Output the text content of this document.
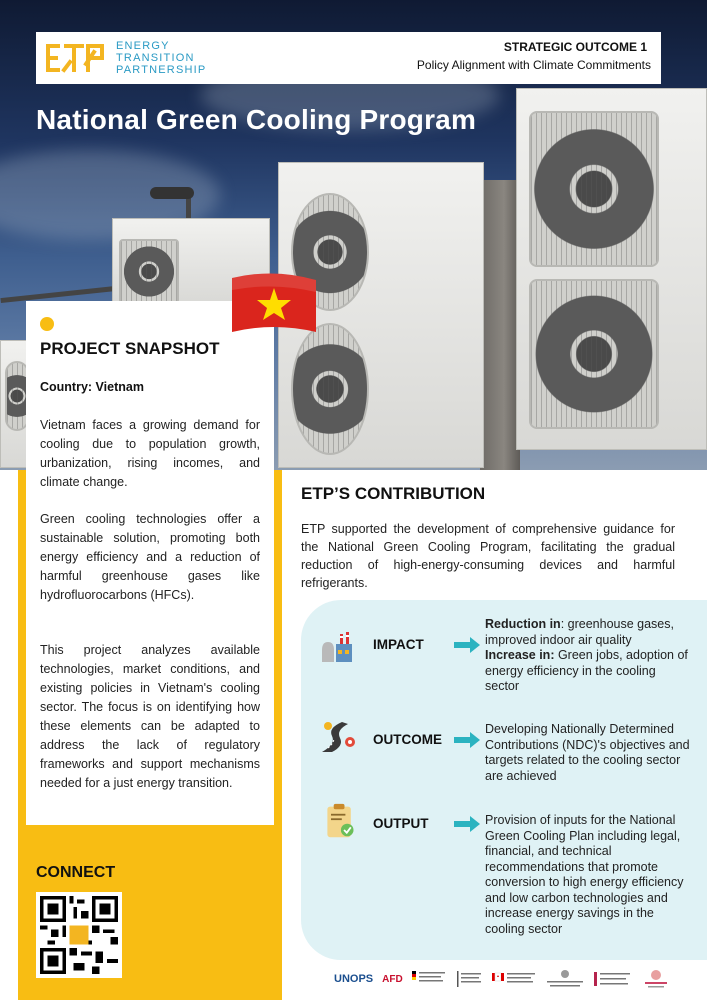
ENERGY
TRANSITION
PARTNERSHIP
STRATEGIC OUTCOME 1
Policy Alignment with Climate Commitments
National Green Cooling Program
PROJECT SNAPSHOT
Country: Vietnam
Vietnam faces a growing demand for cooling due to population growth, urbanization, rising incomes, and climate change.
Green cooling technologies offer a sustainable solution, promoting both energy efficiency and a reduction of harmful greenhouse gases like hydrofluorocarbons (HFCs).
This project analyzes available technologies, market conditions, and existing policies in Vietnam's cooling sector. The focus is on identifying how these elements can be adapted to address the lack of regulatory frameworks and support mechanisms needed for a just energy transition.
CONNECT
ETP’S CONTRIBUTION
ETP supported the development of comprehensive guidance for the National Green Cooling Program, facilitating the gradual reduction of high-energy-consuming devices and harmful refrigerants.
IMPACT
Reduction in: greenhouse gases, improved indoor air quality
Increase in: Green jobs, adoption of energy efficiency in the cooling sector
OUTCOME
Developing Nationally Determined Contributions (NDC)'s objectives and targets related to the cooling sector are achieved
OUTPUT	Provision of inputs for the National Green Cooling Plan including legal, financial, and technical recommendations that promote conversion to high energy efficiency and low carbon technologies and increase energy savings in the cooling sector
UNOPS AFD
